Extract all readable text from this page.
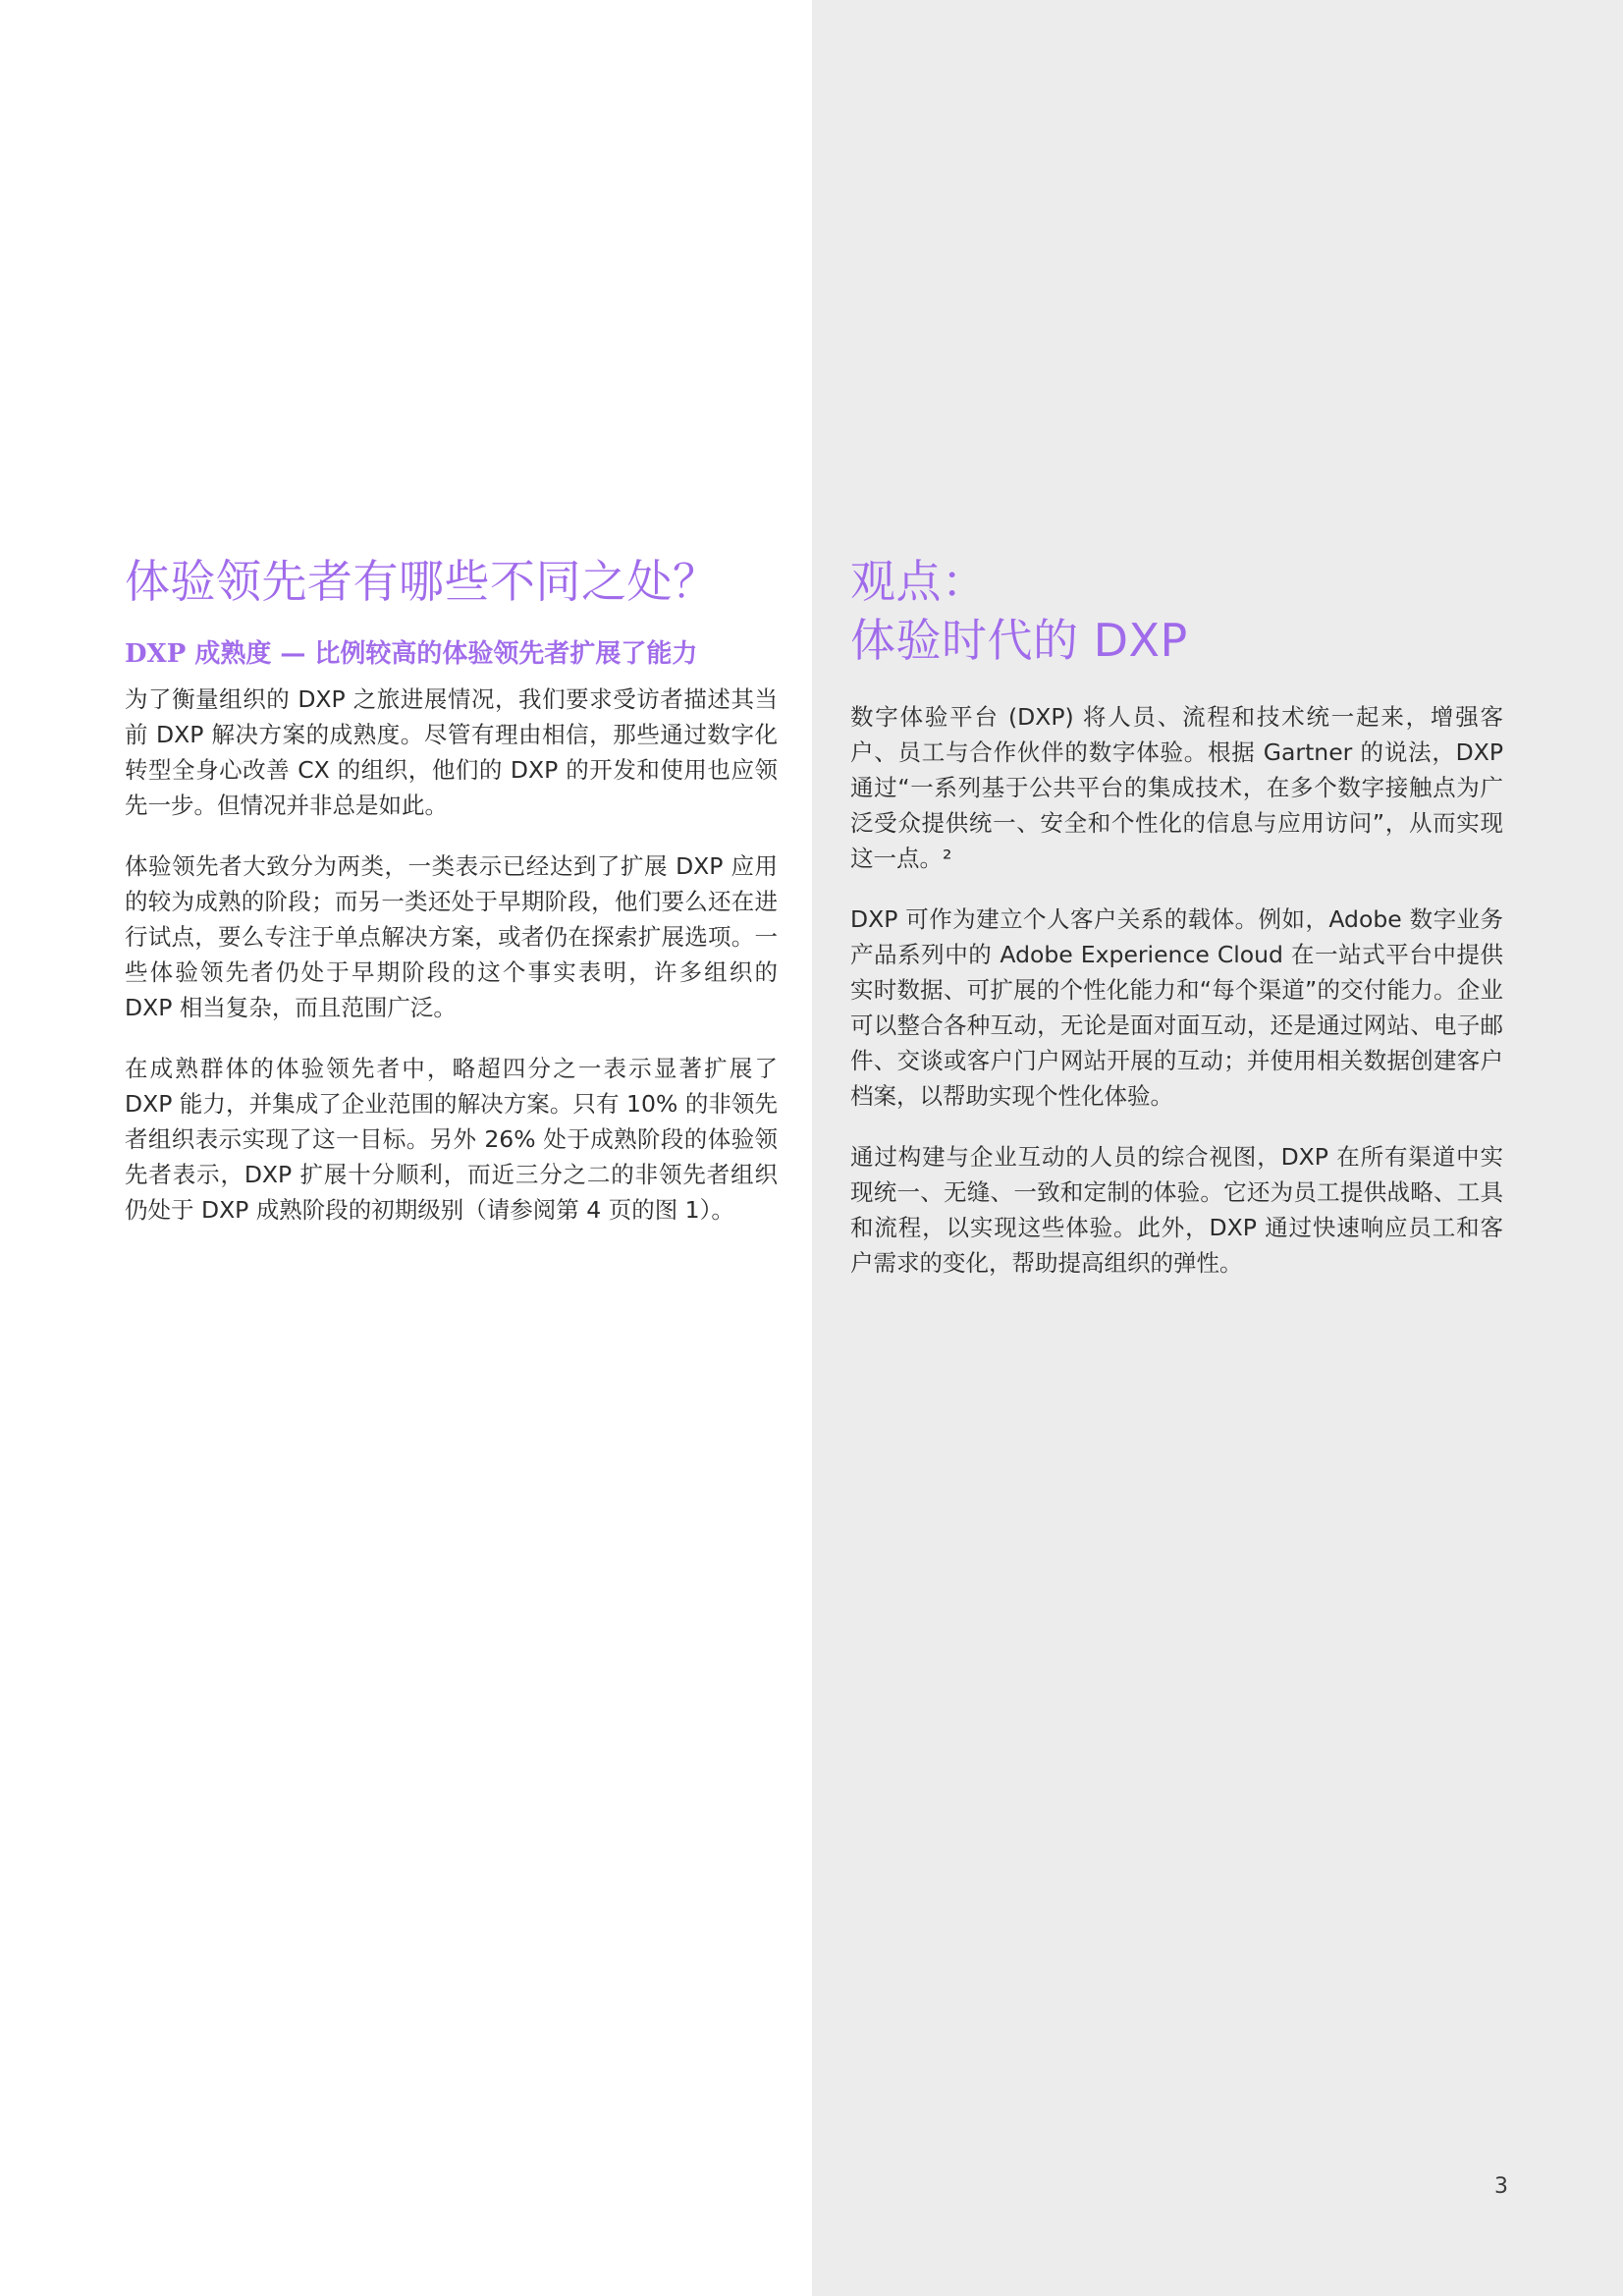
体验领先者有哪些不同之处？
DXP 成熟度 — 比例较高的体验领先者扩展了能力

为了衡量组织的 DXP 之旅进展情况，我们要求受访者描述其当前 DXP 解决方案的成熟度。尽管有理由相信，那些通过数字化转型全身心改善 CX 的组织，他们的 DXP 的开发和使用也应领先一步。但情况并非总是如此。

体验领先者大致分为两类，一类表示已经达到了扩展 DXP 应用的较为成熟的阶段；而另一类还处于早期阶段，他们要么还在进行试点，要么专注于单点解决方案，或者仍在探索扩展选项。一些体验领先者仍处于早期阶段的这个事实表明，许多组织的 DXP 相当复杂，而且范围广泛。

在成熟群体的体验领先者中，略超四分之一表示显著扩展了 DXP 能力，并集成了企业范围的解决方案。只有 10% 的非领先者组织表示实现了这一目标。另外 26% 处于成熟阶段的体验领先者表示，DXP 扩展十分顺利，而近三分之二的非领先者组织仍处于 DXP 成熟阶段的初期级别（请参阅第 4 页的图 1）。

观点：
体验时代的 DXP

数字体验平台 (DXP) 将人员、流程和技术统一起来，增强客户、员工与合作伙伴的数字体验。根据 Gartner 的说法，DXP 通过“一系列基于公共平台的集成技术，在多个数字接触点为广泛受众提供统一、安全和个性化的信息与应用访问”，从而实现这一点。²

DXP 可作为建立个人客户关系的载体。例如，Adobe 数字业务产品系列中的 Adobe Experience Cloud 在一站式平台中提供实时数据、可扩展的个性化能力和“每个渠道”的交付能力。企业可以整合各种互动，无论是面对面互动，还是通过网站、电子邮件、交谈或客户门户网站开展的互动；并使用相关数据创建客户档案，以帮助实现个性化体验。

通过构建与企业互动的人员的综合视图，DXP 在所有渠道中实现统一、无缝、一致和定制的体验。它还为员工提供战略、工具和流程，以实现这些体验。此外，DXP 通过快速响应员工和客户需求的变化，帮助提高组织的弹性。

3
